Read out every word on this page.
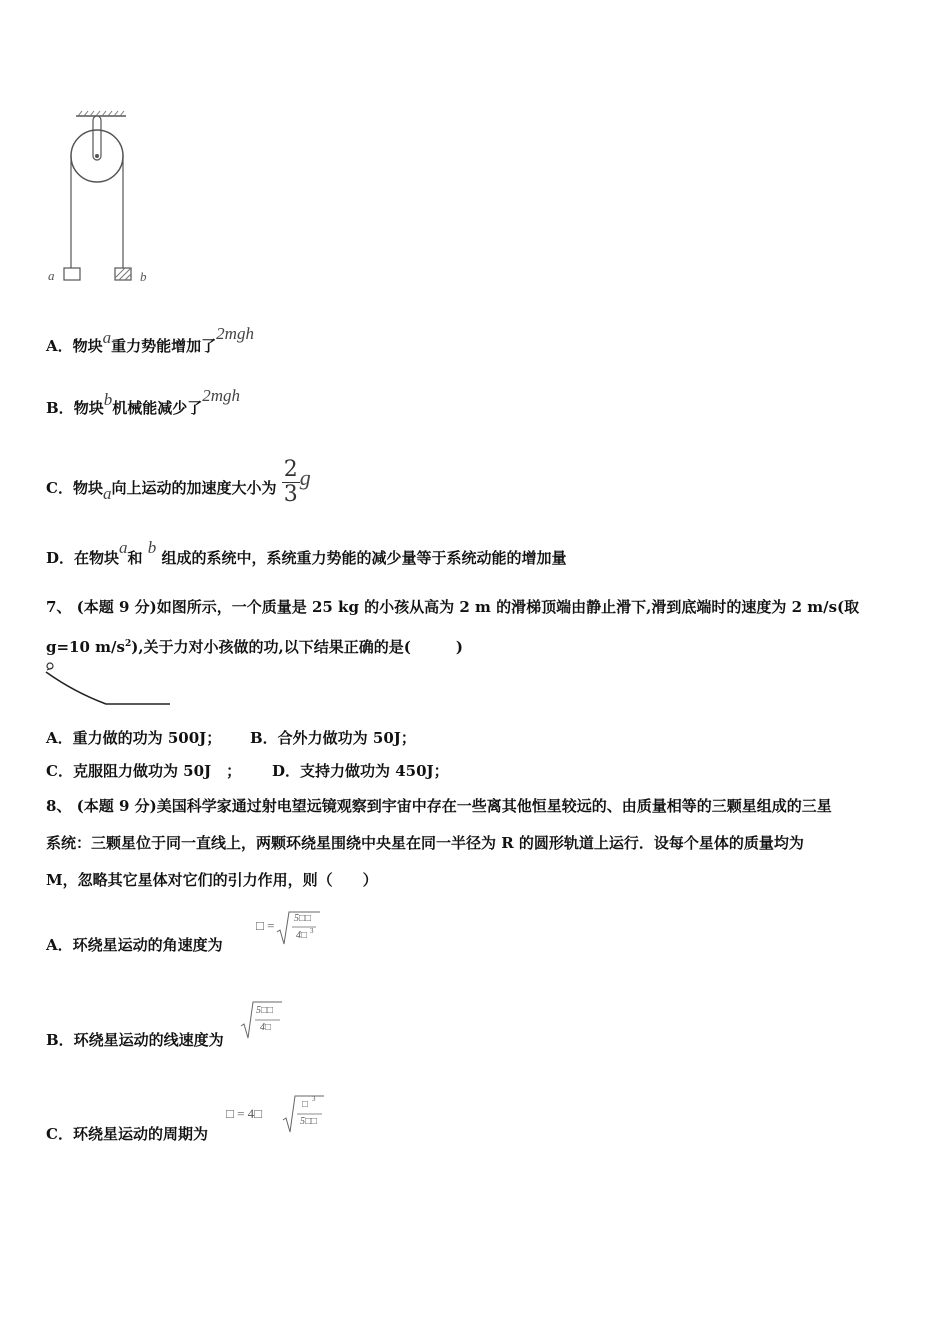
a	b
A．物块a重力势能增加了2mgh
B．物块b机械能减少了2mgh
C．物块a向上运动的加速度大小为 $\frac{2}{3}$ g
D．在物块a和 b 组成的系统中，系统重力势能的减少量等于系统动能的增加量
7、 (本题 9 分)如图所示，一个质量是 25 kg 的小孩从高为 2 m 的滑梯顶端由静止滑下,滑到底端时的速度为 2 m/s(取
g=10 $m/s^2$),关于力对小孩做的功,以下结果正确的是(　　　)
A．重力做的功为 500J； B．合外力做功为 50J；
C．克服阻力做功为 50J　； D．支持力做功为 450J；
8、 (本题 9 分)美国科学家通过射电望远镜观察到宇宙中存在一些离其他恒星较远的、由质量相等的三颗星组成的三星
系统：三颗星位于同一直线上，两颗环绕星围绕中央星在同一半径为 R 的圆形轨道上运行．设每个星体的质量均为
M，忽略其它星体对它们的引力作用，则（　　）
A．环绕星运动的角速度为
□ = 5□□
4□ 3
B．环绕星运动的线速度为
5□□
4□
C．环绕星运动的周期为
□ = 4□
□ 3
5□□
